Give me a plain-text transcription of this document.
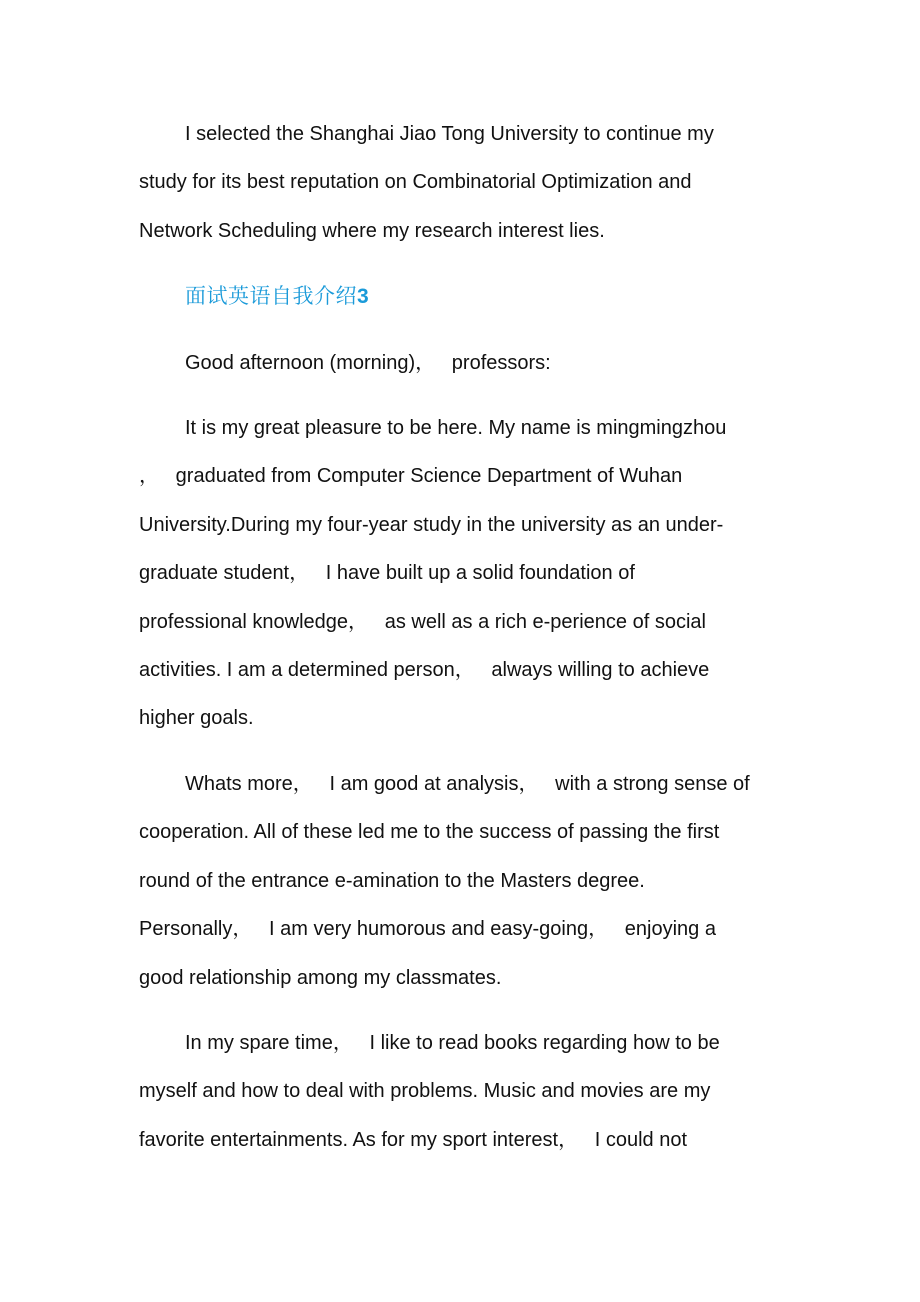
I selected the Shanghai Jiao Tong University to continue my
study for its best reputation on Combinatorial Optimization and
Network Scheduling where my research interest lies.

面试英语自我介绍3

Good afternoon (morning)，   professors:

It is my great pleasure to be here. My name is mingmingzhou
，   graduated from Computer Science Department of Wuhan
University.During my four-year study in the university as an under-
graduate student，   I have built up a solid foundation of
professional knowledge，   as well as a rich e-perience of social
activities. I am a determined person，   always willing to achieve
higher goals.

Whats more，   I am good at analysis，   with a strong sense of
cooperation. All of these led me to the success of passing the first
round of the entrance e-amination to the Masters degree.
Personally，   I am very humorous and easy-going，   enjoying a
good relationship among my classmates.

In my spare time，   I like to read books regarding how to be
myself and how to deal with problems. Music and movies are my
favorite entertainments. As for my sport interest，   I could not
